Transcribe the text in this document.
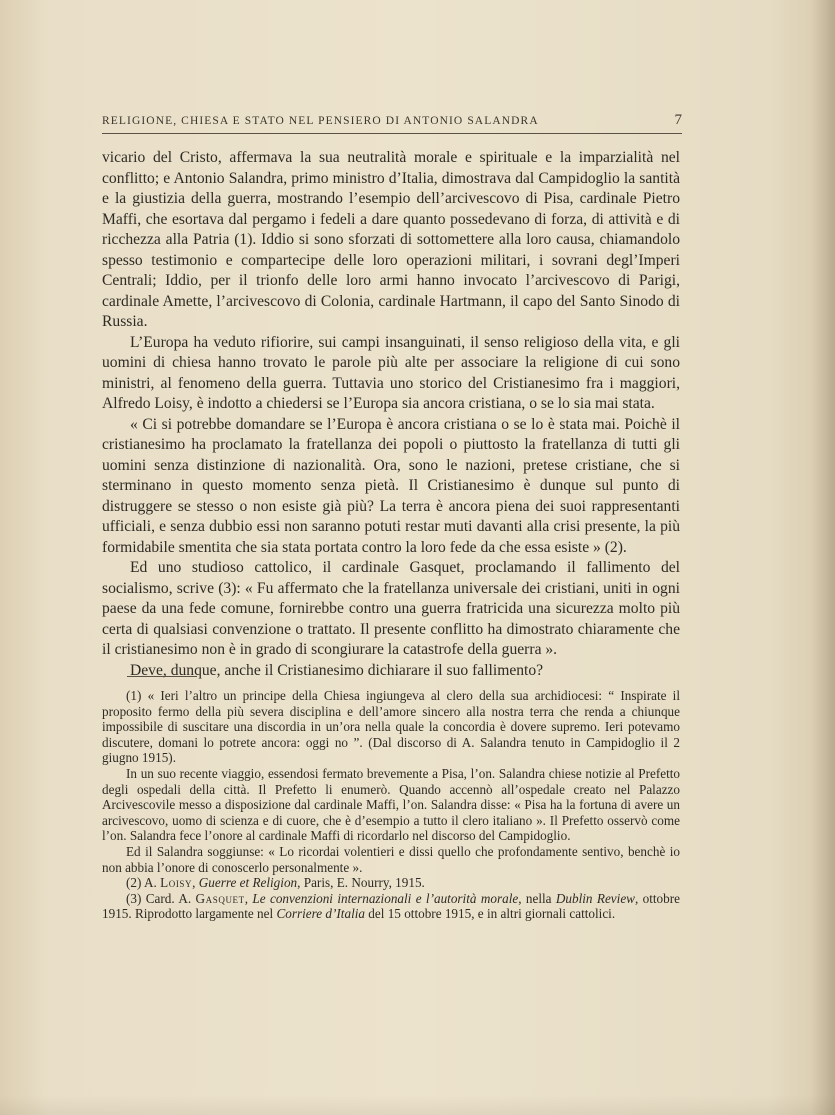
RELIGIONE, CHIESA E STATO NEL PENSIERO DI ANTONIO SALANDRA	7

vicario del Cristo, affermava la sua neutralità morale e spirituale e la imparzialità nel conflitto; e Antonio Salandra, primo ministro d’Italia, dimostrava dal Campidoglio la santità e la giustizia della guerra, mostrando l’esempio dell’arcivescovo di Pisa, cardinale Pietro Maffi, che esortava dal pergamo i fedeli a dare quanto possedevano di forza, di attività e di ricchezza alla Patria (1). Iddio si sono sforzati di sottomettere alla loro causa, chiamandolo spesso testimonio e compartecipe delle loro operazioni militari, i sovrani degl’Imperi Centrali; Iddio, per il trionfo delle loro armi hanno invocato l’arcivescovo di Parigi, cardinale Amette, l’arcivescovo di Colonia, cardinale Hartmann, il capo del Santo Sinodo di Russia.

L’Europa ha veduto rifiorire, sui campi insanguinati, il senso religioso della vita, e gli uomini di chiesa hanno trovato le parole più alte per associare la religione di cui sono ministri, al fenomeno della guerra. Tuttavia uno storico del Cristianesimo fra i maggiori, Alfredo Loisy, è indotto a chiedersi se l’Europa sia ancora cristiana, o se lo sia mai stata.

« Ci si potrebbe domandare se l’Europa è ancora cristiana o se lo è stata mai. Poichè il cristianesimo ha proclamato la fratellanza dei popoli o piuttosto la fratellanza di tutti gli uomini senza distinzione di nazionalità. Ora, sono le nazioni, pretese cristiane, che si sterminano in questo momento senza pietà. Il Cristianesimo è dunque sul punto di distruggere se stesso o non esiste già più? La terra è ancora piena dei suoi rappresentanti ufficiali, e senza dubbio essi non saranno potuti restar muti davanti alla crisi presente, la più formidabile smentita che sia stata portata contro la loro fede da che essa esiste » (2).

Ed uno studioso cattolico, il cardinale Gasquet, proclamando il fallimento del socialismo, scrive (3): « Fu affermato che la fratellanza universale dei cristiani, uniti in ogni paese da una fede comune, fornirebbe contro una guerra fratricida una sicurezza molto più certa di qualsiasi convenzione o trattato. Il presente conflitto ha dimostrato chiaramente che il cristianesimo non è in grado di scongiurare la catastrofe della guerra ».

Deve, dunque, anche il Cristianesimo dichiarare il suo fallimento?

(1) « Ieri l’altro un principe della Chiesa ingiungeva al clero della sua archidiocesi: “ Inspirate il proposito fermo della più severa disciplina e dell’amore sincero alla nostra terra che renda a chiunque impossibile di suscitare una discordia in un’ora nella quale la concordia è dovere supremo. Ieri potevamo discutere, domani lo potrete ancora: oggi no ”. (Dal discorso di A. Salandra tenuto in Campidoglio il 2 giugno 1915).

In un suo recente viaggio, essendosi fermato brevemente a Pisa, l’on. Salandra chiese notizie al Prefetto degli ospedali della città. Il Prefetto li enumerò. Quando accennò all’ospedale creato nel Palazzo Arcivescovile messo a disposizione dal cardinale Maffi, l’on. Salandra disse: « Pisa ha la fortuna di avere un arcivescovo, uomo di scienza e di cuore, che è d’esempio a tutto il clero italiano ». Il Prefetto osservò come l’on. Salandra fece l’onore al cardinale Maffi di ricordarlo nel discorso del Campidoglio.

Ed il Salandra soggiunse: « Lo ricordai volentieri e dissi quello che profondamente sentivo, benchè io non abbia l’onore di conoscerlo personalmente ».

(2) A. Loisy, Guerre et Religion, Paris, E. Nourry, 1915.

(3) Card. A. Gasquet, Le convenzioni internazionali e l’autorità morale, nella Dublin Review, ottobre 1915. Riprodotto largamente nel Corriere d’Italia del 15 ottobre 1915, e in altri giornali cattolici.
